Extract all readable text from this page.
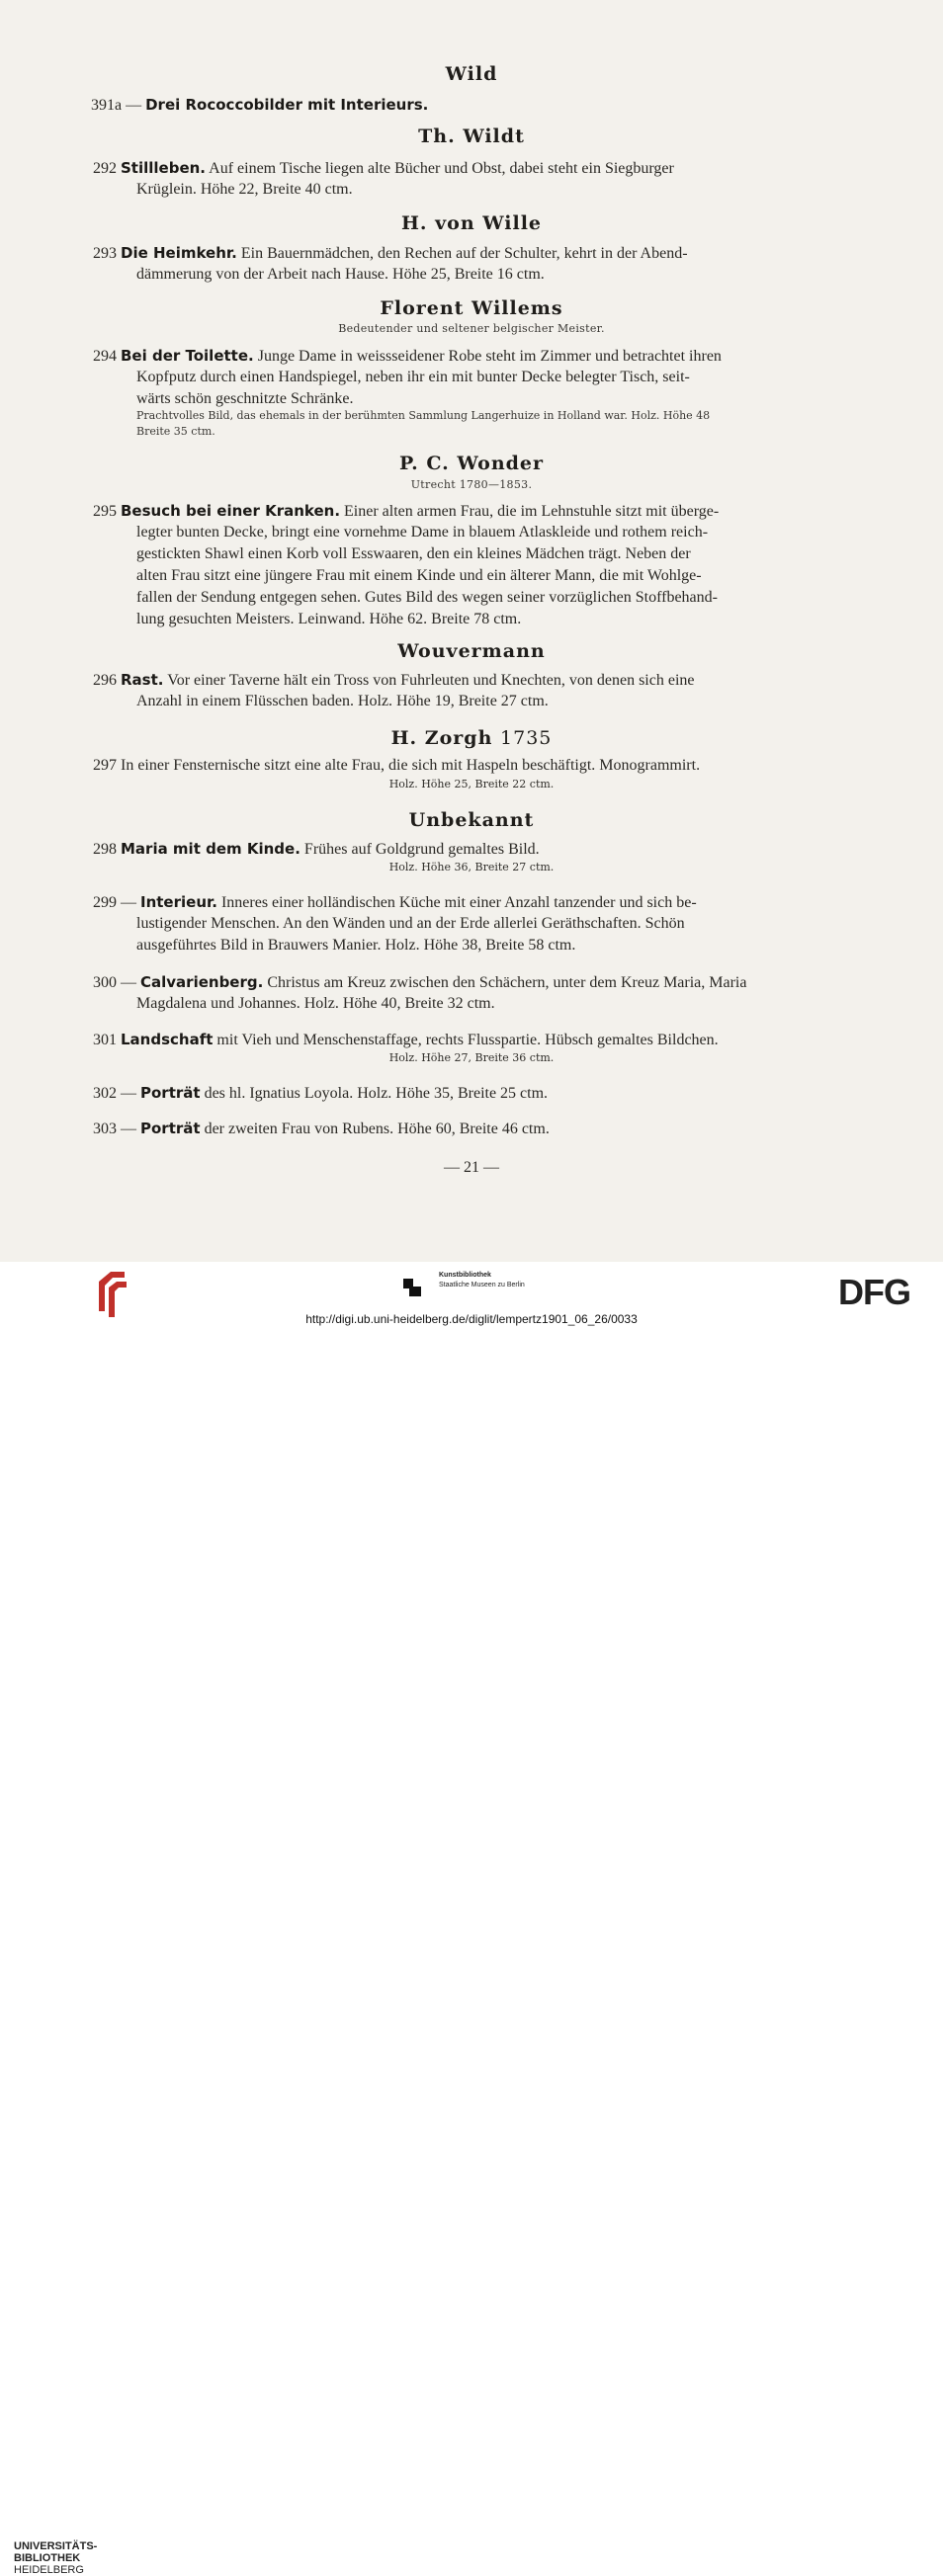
Wild
391a — Drei Rococcobilder mit Interieurs.
Th. Wildt
292 Stillleben. Auf einem Tische liegen alte Bücher und Obst, dabei steht ein Siegburger
Krüglein. Höhe 22, Breite 40 ctm.
H. von Wille
293 Die Heimkehr. Ein Bauernmädchen, den Rechen auf der Schulter, kehrt in der Abend-
dämmerung von der Arbeit nach Hause. Höhe 25, Breite 16 ctm.
Florent Willems
Bedeutender und seltener belgischer Meister.
294 Bei der Toilette. Junge Dame in weissseidener Robe steht im Zimmer und betrachtet ihren
Kopfputz durch einen Handspiegel, neben ihr ein mit bunter Decke belegter Tisch, seit-
wärts schön geschnitzte Schränke.
Prachtvolles Bild, das ehemals in der berühmten Sammlung Langerhuize in Holland war. Holz. Höhe 48
Breite 35 ctm.
P. C. Wonder
Utrecht 1780—1853.
295 Besuch bei einer Kranken. Einer alten armen Frau, die im Lehnstuhle sitzt mit überge-
legter bunten Decke, bringt eine vornehme Dame in blauem Atlaskleide und rothem reich-
gestickten Shawl einen Korb voll Esswaaren, den ein kleines Mädchen trägt. Neben der
alten Frau sitzt eine jüngere Frau mit einem Kinde und ein älterer Mann, die mit Wohlge-
fallen der Sendung entgegen sehen. Gutes Bild des wegen seiner vorzüglichen Stoffbehand-
lung gesuchten Meisters. Leinwand. Höhe 62. Breite 78 ctm.
Wouvermann
296 Rast. Vor einer Taverne hält ein Tross von Fuhrleuten und Knechten, von denen sich eine
Anzahl in einem Flüsschen baden. Holz. Höhe 19, Breite 27 ctm.
H. Zorgh 1735
297 In einer Fensternische sitzt eine alte Frau, die sich mit Haspeln beschäftigt. Monogrammirt.
Holz. Höhe 25, Breite 22 ctm.
Unbekannt
298 Maria mit dem Kinde. Frühes auf Goldgrund gemaltes Bild.
Holz. Höhe 36, Breite 27 ctm.
299 — Interieur. Inneres einer holländischen Küche mit einer Anzahl tanzender und sich be-
lustigender Menschen. An den Wänden und an der Erde allerlei Geräthschaften. Schön
ausgeführtes Bild in Brauwers Manier. Holz. Höhe 38, Breite 58 ctm.
300 — Calvarienberg. Christus am Kreuz zwischen den Schächern, unter dem Kreuz Maria, Maria
Magdalena und Johannes. Holz. Höhe 40, Breite 32 ctm.
301 Landschaft mit Vieh und Menschenstaffage, rechts Flusspartie. Hübsch gemaltes Bildchen.
Holz. Höhe 27, Breite 36 ctm.
302 — Porträt des hl. Ignatius Loyola. Holz. Höhe 35, Breite 25 ctm.
303 — Porträt der zweiten Frau von Rubens. Höhe 60, Breite 46 ctm.
— 21 —
UNIVERSITÄTS-
BIBLIOTHEK
HEIDELBERG
Kunstbibliothek
Staatliche Museen zu Berlin	DFG
http://digi.ub.uni-heidelberg.de/diglit/lempertz1901_06_26/0033
